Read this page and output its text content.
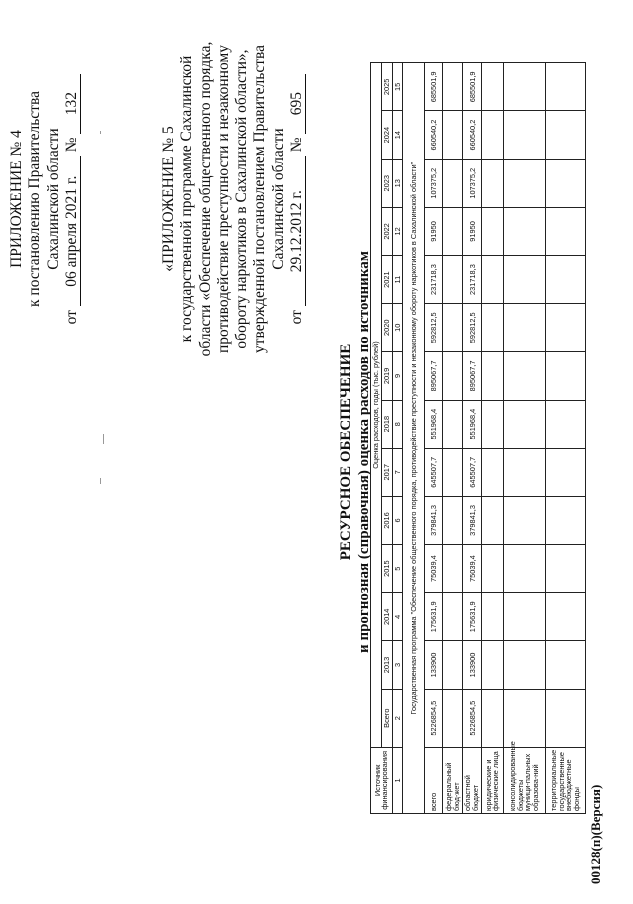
ПРИЛОЖЕНИЕ № 4 к постановлению Правительства Сахалинской области
от 06 апреля 2021 г. № 132
«ПРИЛОЖЕНИЕ № 5 к государственной программе Сахалинской области «Обеспечение общественного порядка, противодействие преступности и незаконному обороту наркотиков в Сахалинской области», утвержденной постановлением Правительства Сахалинской области
от 29.12.2012 г. № 695
РЕСУРСНОЕ ОБЕСПЕЧЕНИЕ и прогнозная (справочная) оценка расходов по источникам
Источник финансирования	Оценка расходов, годы (тыс. рублей)													
	Всего	2013	2014	2015	2016	2017	2018	2019	2020	2021	2022	2023	2024	2025
1	2	3	4	5	6	7	8	9	10	11	12	13	14	15
Государственная программа "Обеспечение общественного порядка, противодействие преступности и незаконному обороту наркотиков в Сахалинской области"														
всего	5226854,5	133900	175631,9	75039,4	379841,3	645507,7	551968,4	895067,7	592812,5	231718,3	91950	107375,2	660540,2	685501,9
федеральный бюд-жет														
областной бюджет	5226854,5	133900	175631,9	75039,4	379841,3	645507,7	551968,4	895067,7	592812,5	231718,3	91950	107375,2	660540,2	685501,9
юридические и физические лица														
консолидированные бюджеты муници-пальных образова-ний														
территориальные государственные внебюджетные фонды														00128(п)(Версия)
